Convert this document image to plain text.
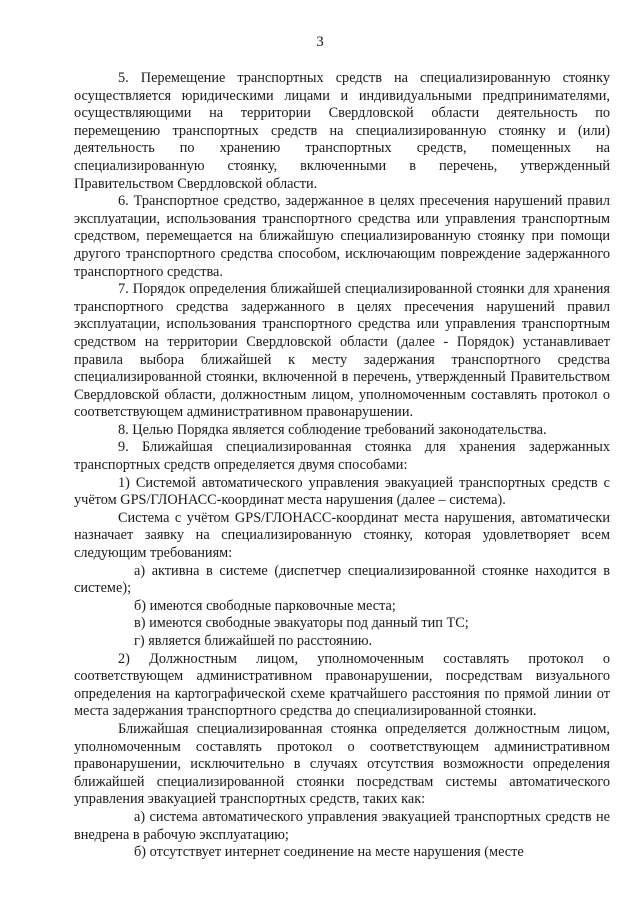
3

5. Перемещение транспортных средств на специализированную стоянку осуществляется юридическими лицами и индивидуальными предпринимателями, осуществляющими на территории Свердловской области деятельность по перемещению транспортных средств на специализированную стоянку и (или) деятельность по хранению транспортных средств, помещенных на специализированную стоянку, включенными в перечень, утвержденный Правительством Свердловской области.

6. Транспортное средство, задержанное в целях пресечения нарушений правил эксплуатации, использования транспортного средства или управления транспортным средством, перемещается на ближайшую специализированную стоянку при помощи другого транспортного средства способом, исключающим повреждение задержанного транспортного средства.

7. Порядок определения ближайшей специализированной стоянки для хранения транспортного средства задержанного в целях пресечения нарушений правил эксплуатации, использования транспортного средства или управления транспортным средством на территории Свердловской области (далее - Порядок) устанавливает правила выбора ближайшей к месту задержания транспортного средства специализированной стоянки, включенной в перечень, утвержденный Правительством Свердловской области, должностным лицом, уполномоченным составлять протокол о соответствующем административном правонарушении.

8. Целью Порядка является соблюдение требований законодательства.

9. Ближайшая специализированная стоянка для хранения задержанных транспортных средств определяется двумя способами:

1) Системой автоматического управления эвакуацией транспортных средств с учётом GPS/ГЛОНАСС-координат места нарушения (далее – система).

Система с учётом GPS/ГЛОНАСС-координат места нарушения, автоматически назначает заявку на специализированную стоянку, которая удовлетворяет всем следующим требованиям:

а) активна в системе (диспетчер специализированной стоянке находится в системе);

б) имеются свободные парковочные места;

в) имеются свободные эвакуаторы под данный тип ТС;

г) является ближайшей по расстоянию.

2) Должностным лицом, уполномоченным составлять протокол о соответствующем административном правонарушении, посредствам визуального определения на картографической схеме кратчайшего расстояния по прямой линии от места задержания транспортного средства до специализированной стоянки.

Ближайшая специализированная стоянка определяется должностным лицом, уполномоченным составлять протокол о соответствующем административном правонарушении, исключительно в случаях отсутствия возможности определения ближайшей специализированной стоянки посредствам системы автоматического управления эвакуацией транспортных средств, таких как:

а) система автоматического управления эвакуацией транспортных средств не внедрена в рабочую эксплуатацию;

б) отсутствует интернет соединение на месте нарушения (месте
